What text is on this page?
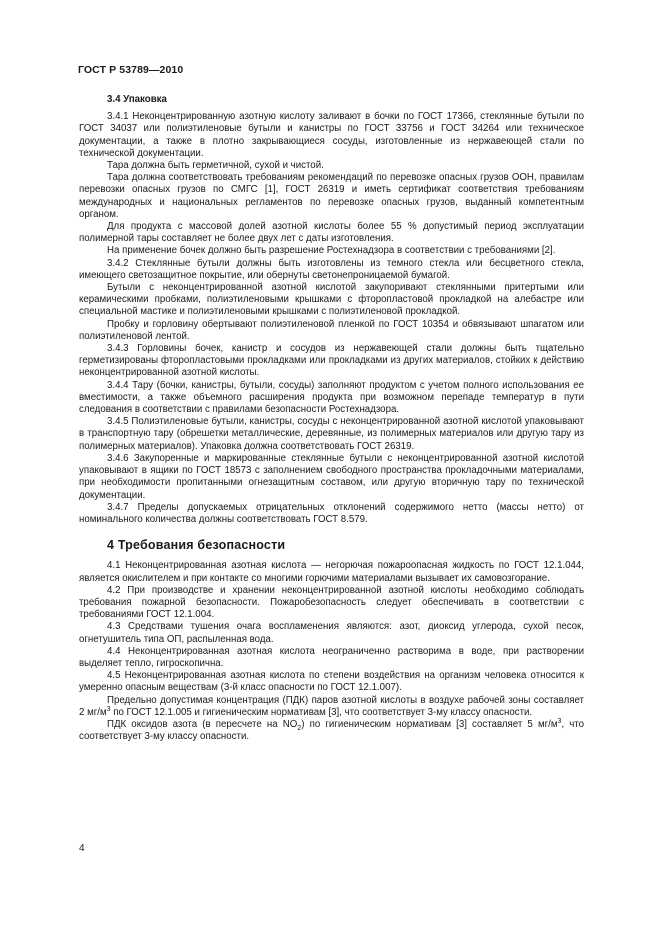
ГОСТ Р 53789—2010

3.4 Упаковка

3.4.1 Неконцентрированную азотную кислоту заливают в бочки по ГОСТ 17366, стеклянные бутыли по ГОСТ 34037 или полиэтиленовые бутыли и канистры по ГОСТ 33756 и ГОСТ 34264 или техническое документации, а также в плотно закрывающиеся сосуды, изготовленные из нержавеющей стали по технической документации.

Тара должна быть герметичной, сухой и чистой.

Тара должна соответствовать требованиям рекомендаций по перевозке опасных грузов ООН, правилам перевозки опасных грузов по СМГС [1], ГОСТ 26319 и иметь сертификат соответствия требованиям международных и национальных регламентов по перевозке опасных грузов, выданный компетентным органом.

Для продукта с массовой долей азотной кислоты более 55 % допустимый период эксплуатации полимерной тары составляет не более двух лет с даты изготовления.

На применение бочек должно быть разрешение Ростехнадзора в соответствии с требованиями [2].

3.4.2 Стеклянные бутыли должны быть изготовлены из темного стекла или бесцветного стекла, имеющего светозащитное покрытие, или обернуты светонепроницаемой бумагой.

Бутыли с неконцентрированной азотной кислотой закупоривают стеклянными притертыми или керамическими пробками, полиэтиленовыми крышками с фторопластовой прокладкой на алебастре или специальной мастике и полиэтиленовыми крышками с полиэтиленовой прокладкой.

Пробку и горловину обертывают полиэтиленовой пленкой по ГОСТ 10354 и обвязывают шпагатом или полиэтиленовой лентой.

3.4.3 Горловины бочек, канистр и сосудов из нержавеющей стали должны быть тщательно герметизированы фторопластовыми прокладками или прокладками из других материалов, стойких к действию неконцентрированной азотной кислоты.

3.4.4 Тару (бочки, канистры, бутыли, сосуды) заполняют продуктом с учетом полного использования ее вместимости, а также объемного расширения продукта при возможном перепаде температур в пути следования в соответствии с правилами безопасности Ростехнадзора.

3.4.5 Полиэтиленовые бутыли, канистры, сосуды с неконцентрированной азотной кислотой упаковывают в транспортную тару (обрешетки металлические, деревянные, из полимерных материалов или другую тару из полимерных материалов). Упаковка должна соответствовать ГОСТ 26319.

3.4.6 Закупоренные и маркированные стеклянные бутыли с неконцентрированной азотной кислотой упаковывают в ящики по ГОСТ 18573 с заполнением свободного пространства прокладочными материалами, при необходимости пропитанными огнезащитным составом, или другую вторичную тару по технической документации.

3.4.7 Пределы допускаемых отрицательных отклонений содержимого нетто (массы нетто) от номинального количества должны соответствовать ГОСТ 8.579.

4 Требования безопасности

4.1 Неконцентрированная азотная кислота — негорючая пожароопасная жидкость по ГОСТ 12.1.044, является окислителем и при контакте со многими горючими материалами вызывает их самовозгорание.

4.2 При производстве и хранении неконцентрированной азотной кислоты необходимо соблюдать требования пожарной безопасности. Пожаробезопасность следует обеспечивать в соответствии с требованиями ГОСТ 12.1.004.

4.3 Средствами тушения очага воспламенения являются: азот, диоксид углерода, сухой песок, огнетушитель типа ОП, распыленная вода.

4.4 Неконцентрированная азотная кислота неограниченно растворима в воде, при растворении выделяет тепло, гигроскопична.

4.5 Неконцентрированная азотная кислота по степени воздействия на организм человека относится к умеренно опасным веществам (3-й класс опасности по ГОСТ 12.1.007).

Предельно допустимая концентрация (ПДК) паров азотной кислоты в воздухе рабочей зоны составляет 2 $мг/м^3$ по ГОСТ 12.1.005 и гигиеническим нормативам [3], что соответствует 3-му классу опасности.

ПДК оксидов азота (в пересчете на $NO_2$) по гигиеническим нормативам [3] составляет 5 $мг/м^3$, что соответствует 3-му классу опасности.

4
